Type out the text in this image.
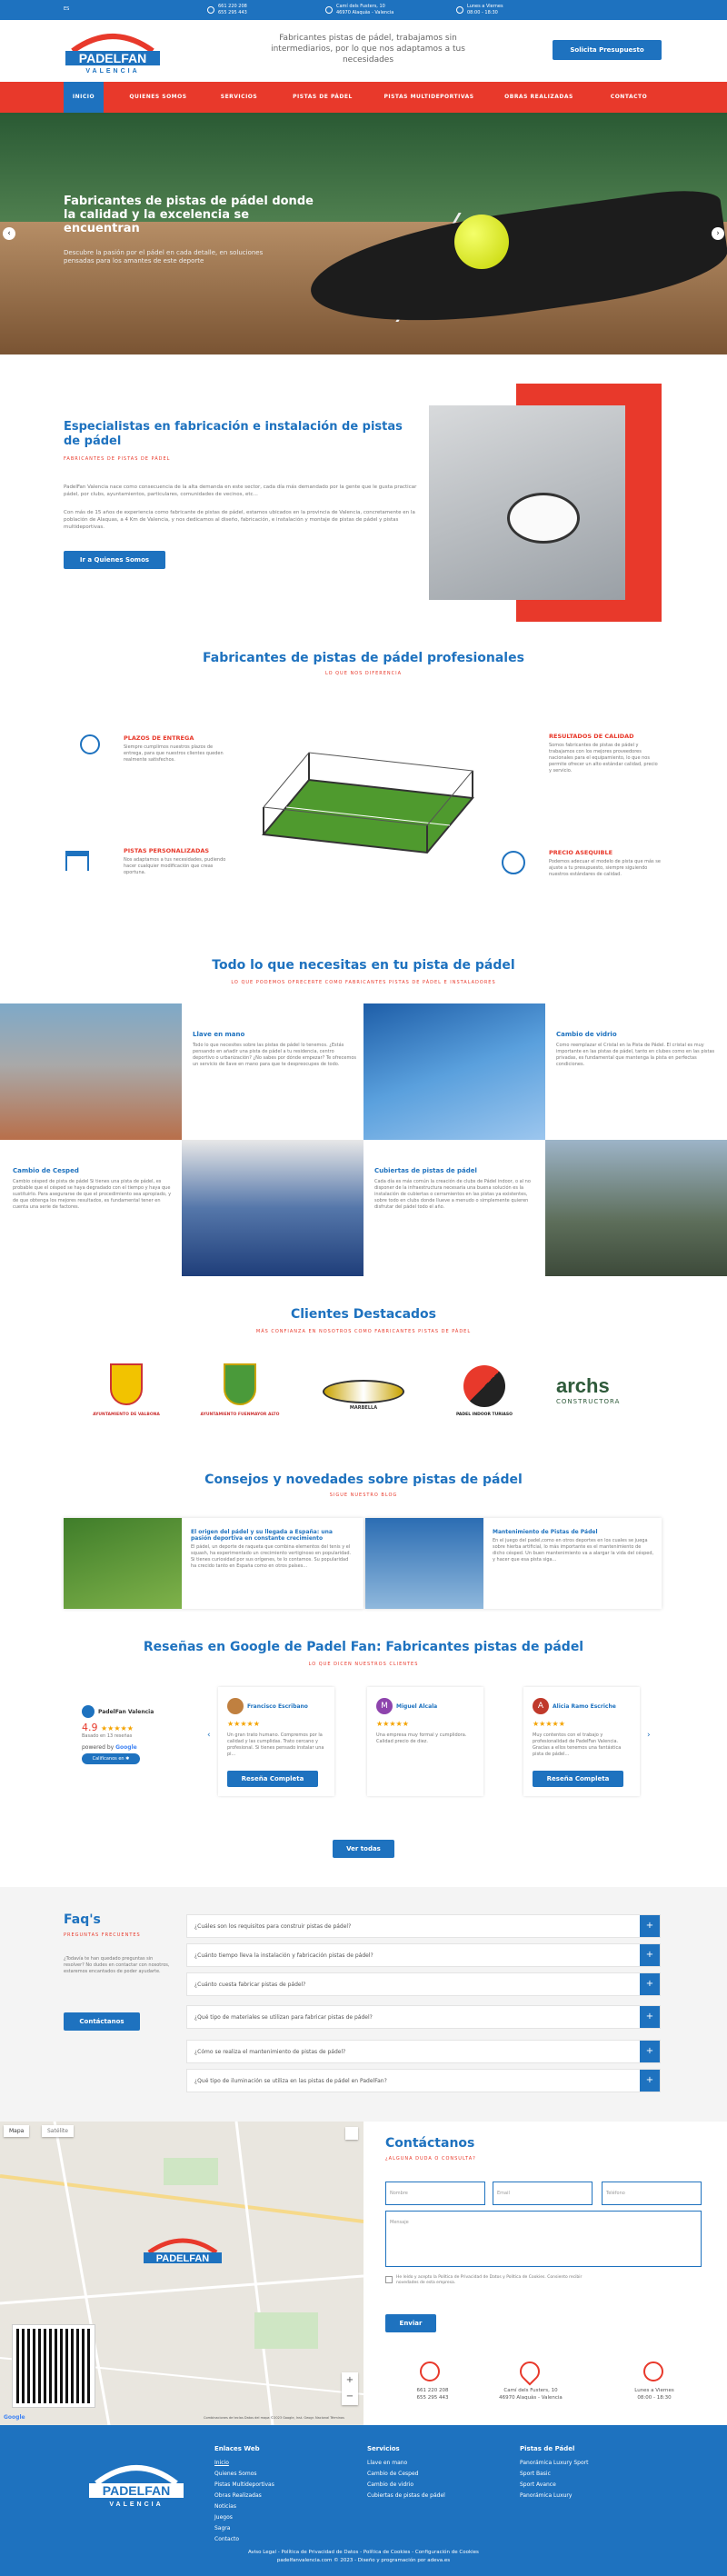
ES	661 220 208
655 295 443
Camí dels Fusters, 10
46970 Alaquàs - Valencia
Lunes a Viernes
08:00 - 18:30
PADELFAN
VALENCIA
Fabricantes pistas de pádel, trabajamos sin intermediarios, por lo que nos adaptamos a tus necesidades
Solicita Presupuesto
INICIO	QUIENES SOMOS	SERVICIOS	PISTAS DE PÁDEL	PISTAS MULTIDEPORTIVAS	OBRAS REALIZADAS	CONTACTO
Fabricantes de pistas de pádel donde la calidad y la excelencia se encuentran
Descubre la pasión por el pádel en cada detalle, en soluciones pensadas para los amantes de este deporte
‹	›
Especialistas en fabricación e instalación de pistas de pádel
FABRICANTES DE PISTAS DE PÁDEL
PadelFan Valencia nace como consecuencia de la alta demanda en este sector, cada día más demandado por la gente que le gusta practicar pádel, por clubs, ayuntamientos, particulares, comunidades de vecinos, etc...
Con más de 15 años de experiencia como fabricante de pistas de pádel, estamos ubicados en la provincia de Valencia, concretamente en la población de Alaquas, a 4 Km de Valencia, y nos dedicamos al diseño, fabricación, e instalación y montaje de pistas de pádel y pistas multideportivas.
Ir a Quienes Somos
Fabricantes de pistas de pádel profesionales
LO QUE NOS DIFERENCIA
PLAZOS DE ENTREGA

Siempre cumplimos nuestros plazos de entrega, para que nuestros clientes queden realmente satisfechos.

PISTAS PERSONALIZADAS

Nos adaptamos a tus necesidades, pudiendo hacer cualquier modificación que creas oportuna.

RESULTADOS DE CALIDAD

Somos fabricantes de pistas de pádel y trabajamos con los mejores proveedores nacionales para el equipamiento, lo que nos permite ofrecer un alto estándar calidad, precio y servicio.

PRECIO ASEQUIBLE

Podemos adecuar el modelo de pista que más se ajuste a tu presupuesto, siempre siguiendo nuestros estándares de calidad.

Todo lo que necesitas en tu pista de pádel
LO QUE PODEMOS OFRECERTE COMO FABRICANTES PISTAS DE PÁDEL E INSTALADORES
Llave en mano

Todo lo que necesites sobre las pistas de pádel lo tenemos. ¿Estás pensando en añadir una pista de pádel a tu residencia, centro deportivo o urbanización? ¿No sabes por dónde empezar? Te ofrecemos un servicio de llave en mano para que te despreocupes de todo.

Cambio de vidrio

Como reemplazar el Cristal en la Pista de Pádel. El cristal es muy importante en las pistas de pádel, tanto en clubes como en las pistas privadas, es fundamental que mantenga la pista en perfectas condiciones.

Cambio de Cesped

Cambio césped de pista de pádel Si tienes una pista de pádel, es probable que el césped se haya degradado con el tiempo y haya que sustituirlo. Para asegurarse de que el procedimiento sea apropiado, y de que obtenga los mejores resultados, es fundamental tener en cuenta una serie de factores.

Cubiertas de pistas de pádel

Cada día es más común la creación de clubs de Pádel indoor, o al no disponer de la infraestructura necesaria una buena solución es la instalación de cubiertas o cerramientos en las pistas ya existentes, sobre todo en clubs donde llueve a menudo o simplemente quieren disfrutar del pádel todo el año.

Clientes Destacados
MÁS CONFIANZA EN NOSOTROS COMO FABRICANTES PISTAS DE PÁDEL
AYUNTAMIENTO DE VALBONA	AYUNTAMIENTO FUENMAYOR ALTO
MARBELLA
PADEL INDOOR TURIASO
archs
CONSTRUCTORA
Consejos y novedades sobre pistas de pádel
SIGUE NUESTRO BLOG
El origen del pádel y su llegada a España: una pasión deportiva en constante crecimiento

El pádel, un deporte de raqueta que combina elementos del tenis y el squash, ha experimentado un crecimiento vertiginoso en popularidad. Si tienes curiosidad por sus orígenes, te lo contamos. Su popularidad ha crecido tanto en España como en otros países...

Mantenimiento de Pistas de Pádel

En el juego del padel,como en otros deportes en los cuales se juega sobre hierba artificial, lo más importante es el mantenimiento de dicho césped. Un buen mantenimiento va a alargar la vida del césped, y hacer que esa pista siga...

Reseñas en Google de Padel Fan: Fabricantes pistas de pádel
LO QUE DICEN NUESTROS CLIENTES
PadelFan Valencia
4.9 ★★★★★
Basado en 13 reseñas
powered by Google
Califícanos en ✱
‹
Francisco Escribano
★★★★★
Un gran trato humano. Compremos por la calidad y las cumplidas. Trato cercano y profesional. Si tienes pensado instalar una pi...
Reseña Completa
M	Miguel Alcala
★★★★★
Una empresa muy formal y cumplidora. Calidad precio de diez.
A	Alicia Ramo Escriche
★★★★★
Muy contentos con el trabajo y profesionalidad de PadelFan Valencia. Gracias a ellos tenemos una fantástica pista de pádel...
Reseña Completa
›
Ver todas
Faq's
PREGUNTAS FRECUENTES
¿Todavía te han quedado preguntas sin resolver? No dudes en contactar con nosotros, estaremos encantados de poder ayudarte.
Contáctanos
¿Cuáles son los requisitos para construir pistas de pádel?	+
¿Cuánto tiempo lleva la instalación y fabricación pistas de pádel?	+
¿Cuánto cuesta fabricar pistas de pádel?	+
¿Qué tipo de materiales se utilizan para fabricar pistas de pádel?	+
¿Cómo se realiza el mantenimiento de pistas de pádel?	+
¿Qué tipo de iluminación se utiliza en las pistas de pádel en PadelFan?	+
Mapa	Satélite
PADELFAN
+
−
Google	Combinaciones de teclas Datos del mapa ©2023 Google, Inst. Geogr. Nacional Términos
Contáctanos
¿ALGUNA DUDA O CONSULTA?
Nombre	Email	Teléfono
Mensaje
He leído y acepto la Política de Privacidad de Datos y Política de Cookies. Consiento recibir novedades de esta empresa.
Enviar
661 220 208
655 295 443
Camí dels Fusters, 10
46970 Alaquàs - Valencia
Lunes a Viernes
08:00 - 18:30
PADELFAN
VALENCIA
Enlaces Web
Inicio
Quienes Somos
Pistas Multideportivas
Obras Realizadas
Noticias
Juegos
Sagra
Contacto
Servicios
Llave en mano
Cambio de Cesped
Cambio de vidrio
Cubiertas de pistas de pádel
Pistas de Pádel
Panorámica Luxury Sport
Sport Basic
Sport Avance
Panorámica Luxury
Aviso Legal - Política de Privacidad de Datos - Política de Cookies - Configuración de Cookies
padelfanvalencia.com © 2023 - Diseño y programación por adeva.es
